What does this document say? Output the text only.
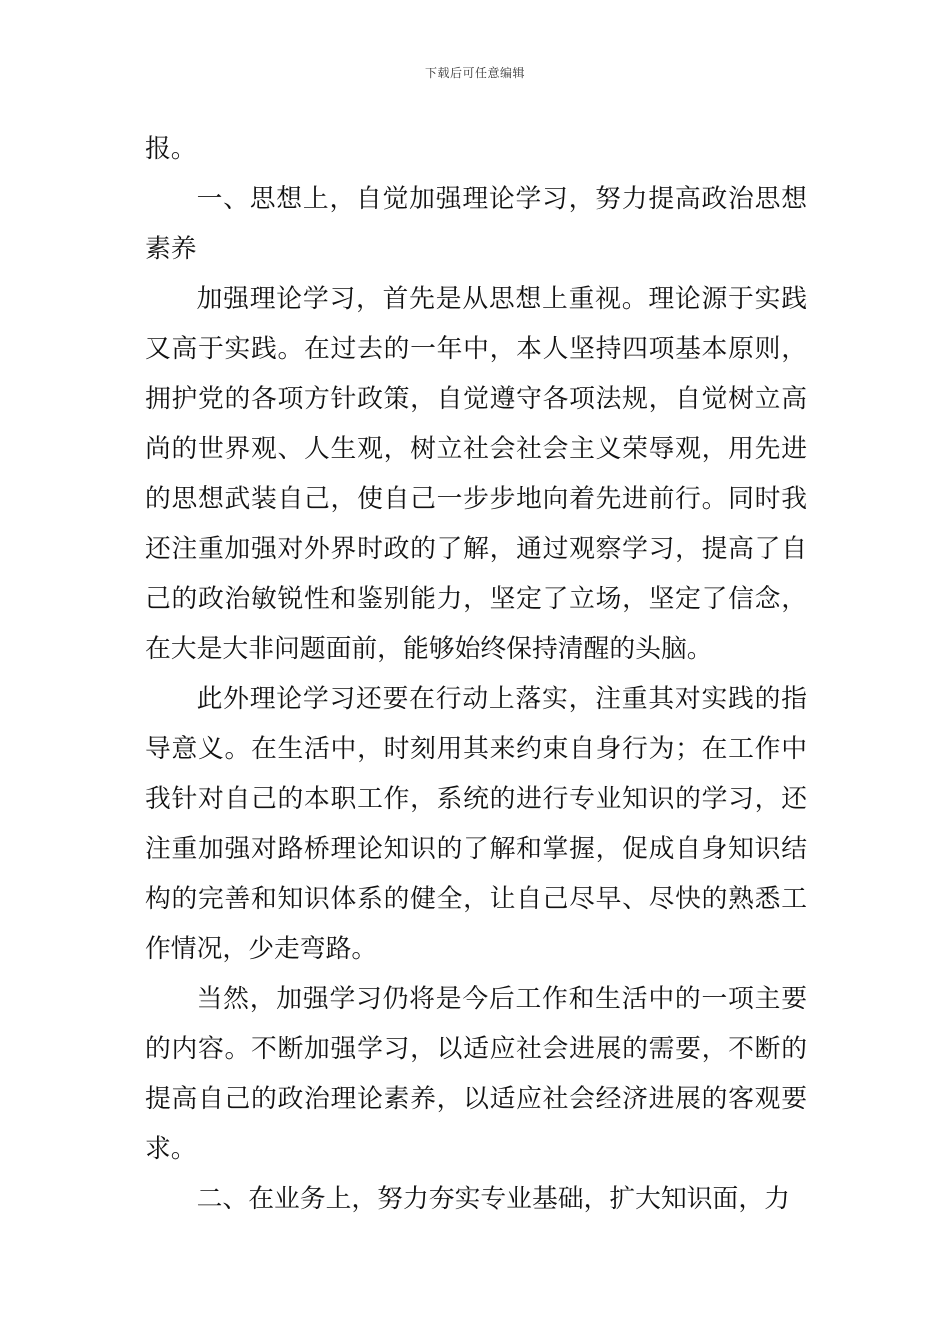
下载后可任意编辑

报。

一、思想上，自觉加强理论学习，努力提高政治思想素养

加强理论学习，首先是从思想上重视。理论源于实践又高于实践。在过去的一年中，本人坚持四项基本原则，拥护党的各项方针政策，自觉遵守各项法规，自觉树立高尚的世界观、人生观，树立社会社会主义荣辱观，用先进的思想武装自己，使自己一步步地向着先进前行。同时我还注重加强对外界时政的了解，通过观察学习，提高了自己的政治敏锐性和鉴别能力，坚定了立场，坚定了信念，在大是大非问题面前，能够始终保持清醒的头脑。

此外理论学习还要在行动上落实，注重其对实践的指导意义。在生活中，时刻用其来约束自身行为；在工作中我针对自己的本职工作，系统的进行专业知识的学习，还注重加强对路桥理论知识的了解和掌握，促成自身知识结构的完善和知识体系的健全，让自己尽早、尽快的熟悉工作情况，少走弯路。

当然，加强学习仍将是今后工作和生活中的一项主要的内容。不断加强学习，以适应社会进展的需要，不断的提高自己的政治理论素养，以适应社会经济进展的客观要求。

二、在业务上，努力夯实专业基础，扩大知识面，力
